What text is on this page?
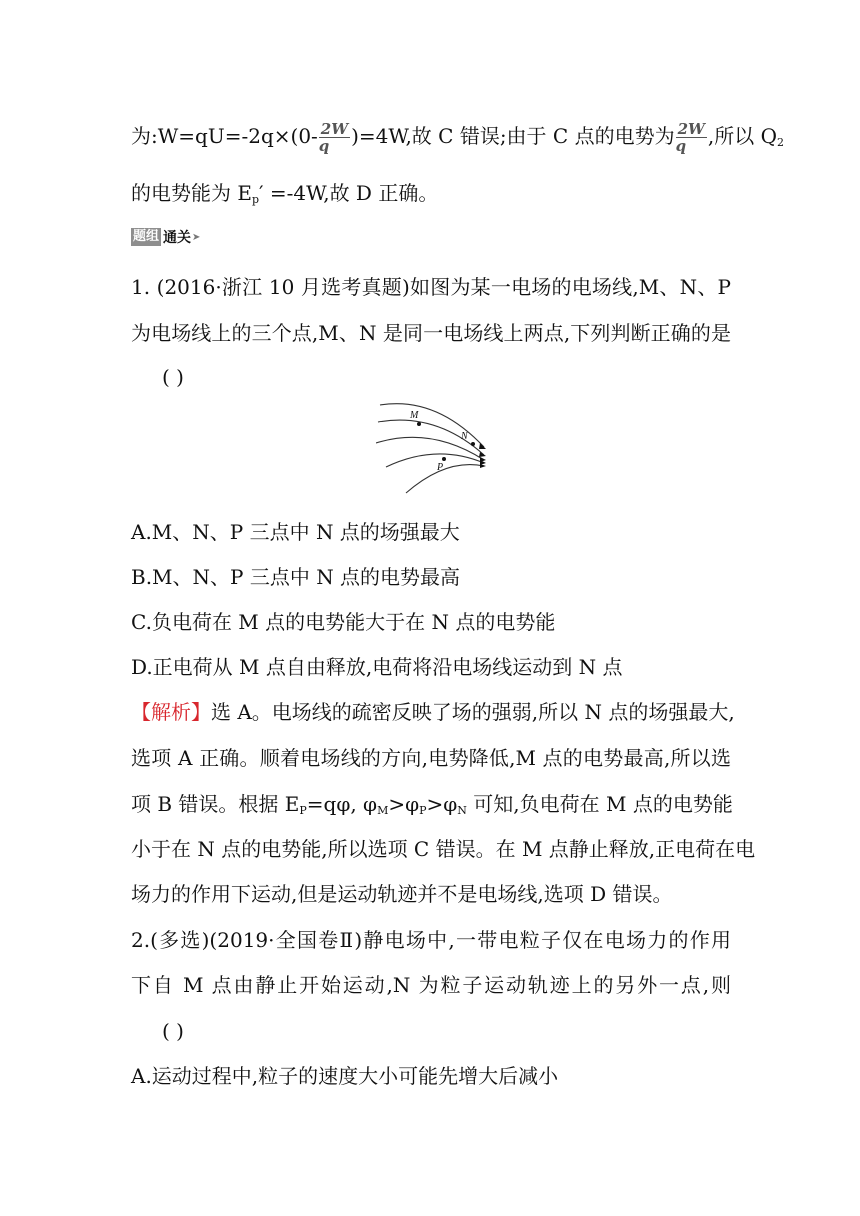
为:W=qU=-2q×(0- $\frac{2W}{q} )=4W$,故 C 错误;由于 C 点的电势为 $\frac{2W}{q}$ ,所以 $Q_2$
的电势能为 $E_p' =-4W$,故 D 正确。
题组 通关 ➤
1. (2016·浙江 10 月选考真题)如图为某一电场的电场线,M、N、P
为电场线上的三个点,M、N 是同一电场线上两点,下列判断正确的是
( )
M
N
P
A.M、N、P 三点中 N 点的场强最大
B.M、N、P 三点中 N 点的电势最高
C.负电荷在 M 点的电势能大于在 N 点的电势能
D.正电荷从 M 点自由释放,电荷将沿电场线运动到 N 点
【解析】选 A。电场线的疏密反映了场的强弱,所以 N 点的场强最大,
选项 A 正确。顺着电场线的方向,电势降低,M 点的电势最高,所以选
项 B 错误。根据 $E_P=q\varphi$, $\varphi_M>\varphi_P>\varphi_N$ 可知,负电荷在 M 点的电势能
小于在 N 点的电势能,所以选项 C 错误。在 M 点静止释放,正电荷在电
场力的作用下运动,但是运动轨迹并不是电场线,选项 D 错误。
2.(多选)(2019·全国卷Ⅱ)静电场中,一带电粒子仅在电场力的作用
下自 M 点由静止开始运动,N 为粒子运动轨迹上的另外一点,则
( )
A.运动过程中,粒子的速度大小可能先增大后减小
